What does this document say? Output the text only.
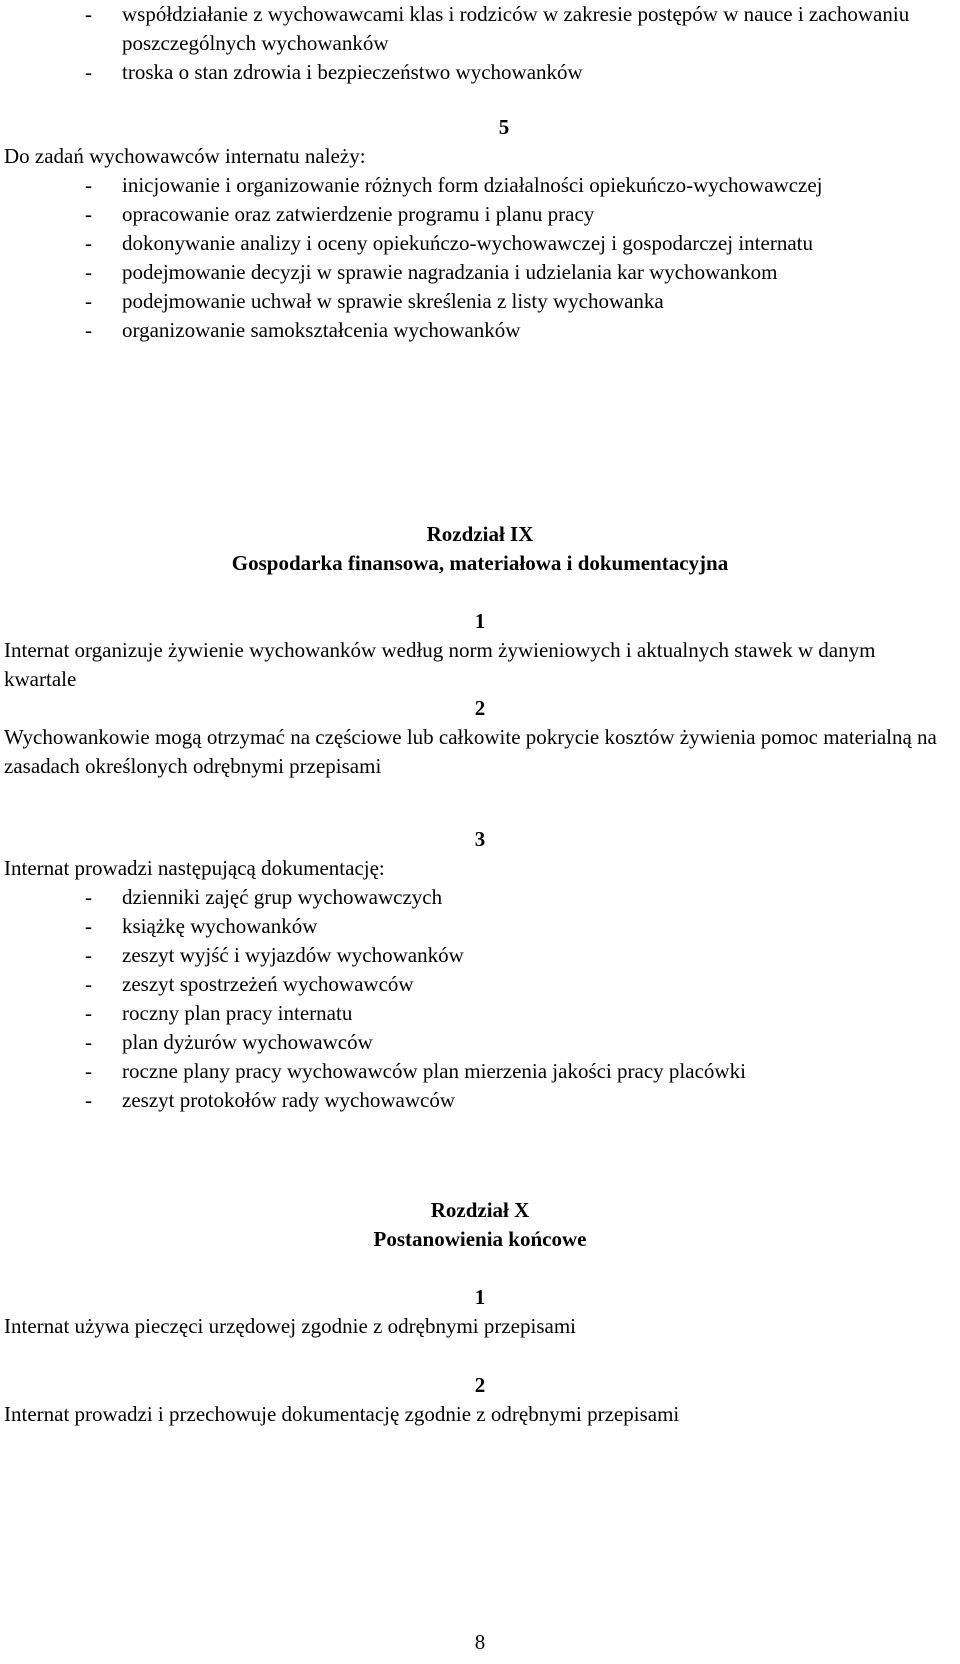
-	współdziałanie z wychowawcami klas i rodziców w zakresie postępów w nauce i zachowaniu poszczególnych wychowanków
-	troska o stan zdrowia i bezpieczeństwo wychowanków
5
Do zadań wychowawców internatu należy:
-	inicjowanie i organizowanie różnych form działalności opiekuńczo-wychowawczej
-	opracowanie oraz zatwierdzenie programu i planu pracy
-	dokonywanie analizy i oceny opiekuńczo-wychowawczej i gospodarczej internatu
-	podejmowanie decyzji w sprawie nagradzania i udzielania kar wychowankom
-	podejmowanie uchwał w sprawie skreślenia z listy wychowanka
-	organizowanie samokształcenia wychowanków
Rozdział IX
Gospodarka finansowa, materiałowa i dokumentacyjna
1
Internat organizuje żywienie wychowanków według norm żywieniowych i aktualnych stawek w danym kwartale
2
Wychowankowie mogą otrzymać na częściowe lub całkowite pokrycie kosztów żywienia pomoc materialną na zasadach określonych odrębnymi przepisami
3
Internat prowadzi następującą dokumentację:
-	dzienniki zajęć grup wychowawczych
-	książkę wychowanków
-	zeszyt wyjść i wyjazdów wychowanków
-	zeszyt spostrzeżeń wychowawców
-	roczny plan pracy internatu
-	plan dyżurów wychowawców
-	roczne plany pracy wychowawców plan mierzenia jakości pracy placówki
-	zeszyt protokołów rady wychowawców
Rozdział X
Postanowienia końcowe
1
Internat używa pieczęci urzędowej zgodnie z odrębnymi przepisami
2
Internat prowadzi i przechowuje dokumentację zgodnie z odrębnymi przepisami
8
